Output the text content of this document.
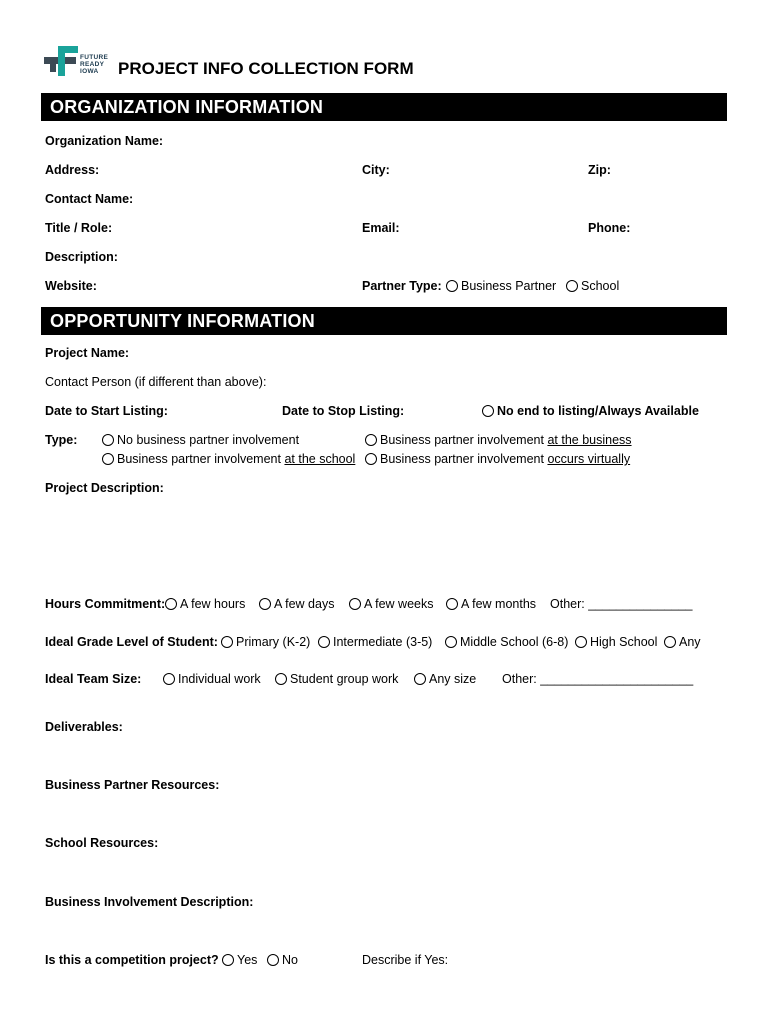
FUTURE
READY
IOWA	PROJECT INFO COLLECTION FORM
ORGANIZATION INFORMATION
Organization Name:
Address:	City:	Zip:
Contact Name:
Title / Role:	Email:	Phone:
Description:
Website:	Partner Type:	Business Partner	School
OPPORTUNITY INFORMATION
Project Name:
Contact Person (if different than above):
Date to Start Listing:	Date to Stop Listing:	No end to listing/Always Available
Type:	No business partner involvement	Business partner involvement at the business
Business partner involvement at the school	Business partner involvement occurs virtually
Project Description:
Hours Commitment:	A few hours	A few days	A few weeks	A few months Other: _______________
Ideal Grade Level of Student:	Primary (K-2)	Intermediate (3-5)	Middle School (6-8)	High School	Any
Ideal Team Size:	Individual work	Student group work	Any size Other: ______________________
Deliverables:
Business Partner Resources:
School Resources:
Business Involvement Description:
Is this a competition project?	Yes	No	Describe if Yes:
